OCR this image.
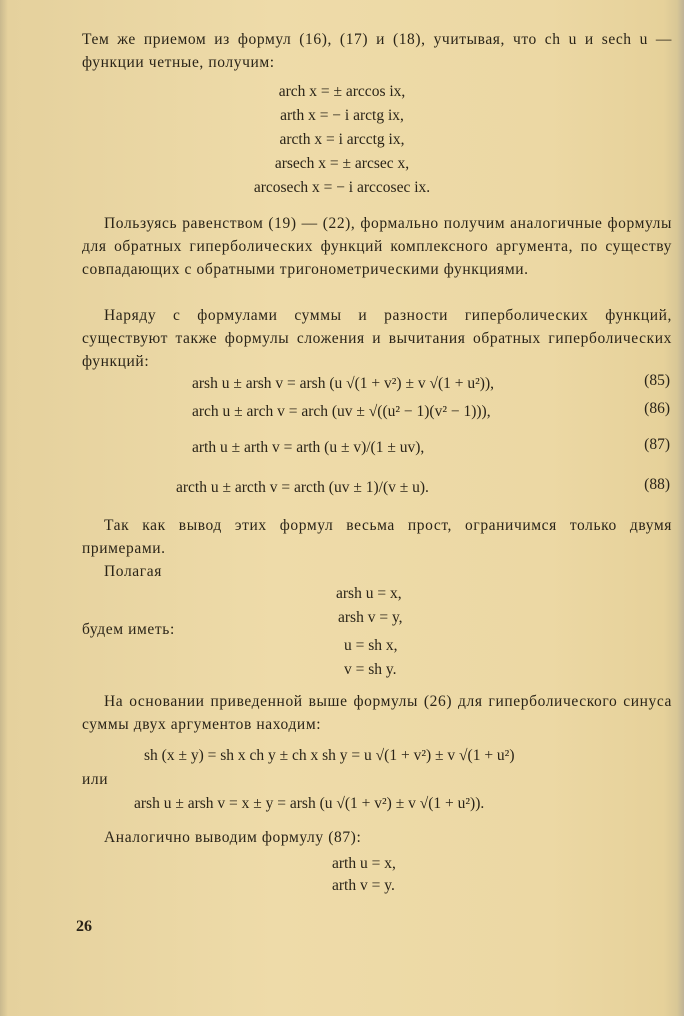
Тем же приемом из формул (16), (17) и (18), учитывая, что ch u и sech u — функции четные, получим:
arch x = ± arccos ix,
arth x = − i arctg ix,
arcth x = i arcctg ix,
arsech x = ± arcsec x,
arcosech x = − i arccosec ix.
Пользуясь равенством (19) — (22), формально получим аналогичные формулы для обратных гиперболических функций комплексного аргумента, по существу совпадающих с обратными тригонометрическими функциями.
Наряду с формулами суммы и разности гиперболических функций, существуют также формулы сложения и вычитания обратных гиперболических функций:
arsh u ± arsh v = arsh (u √(1 + v²) ± v √(1 + u²)),	(85)
arch u ± arch v = arch (uv ± √((u² − 1)(v² − 1))),	(86)
arth u ± arth v = arth (u ± v)/(1 ± uv),	(87)
arcth u ± arcth v = arcth (uv ± 1)/(v ± u).	(88)
Так как вывод этих формул весьма прост, ограничимся только двумя примерами.
Полагая
arsh u = x,
arsh v = y,
будем иметь:
u = sh x,
v = sh y.
На основании приведенной выше формулы (26) для гиперболического синуса суммы двух аргументов находим:
sh (x ± y) = sh x ch y ± ch x sh y = u √(1 + v²) ± v √(1 + u²)
или
arsh u ± arsh v = x ± y = arsh (u √(1 + v²) ± v √(1 + u²)).
Аналогично выводим формулу (87):
arth u = x,
arth v = y.
26
